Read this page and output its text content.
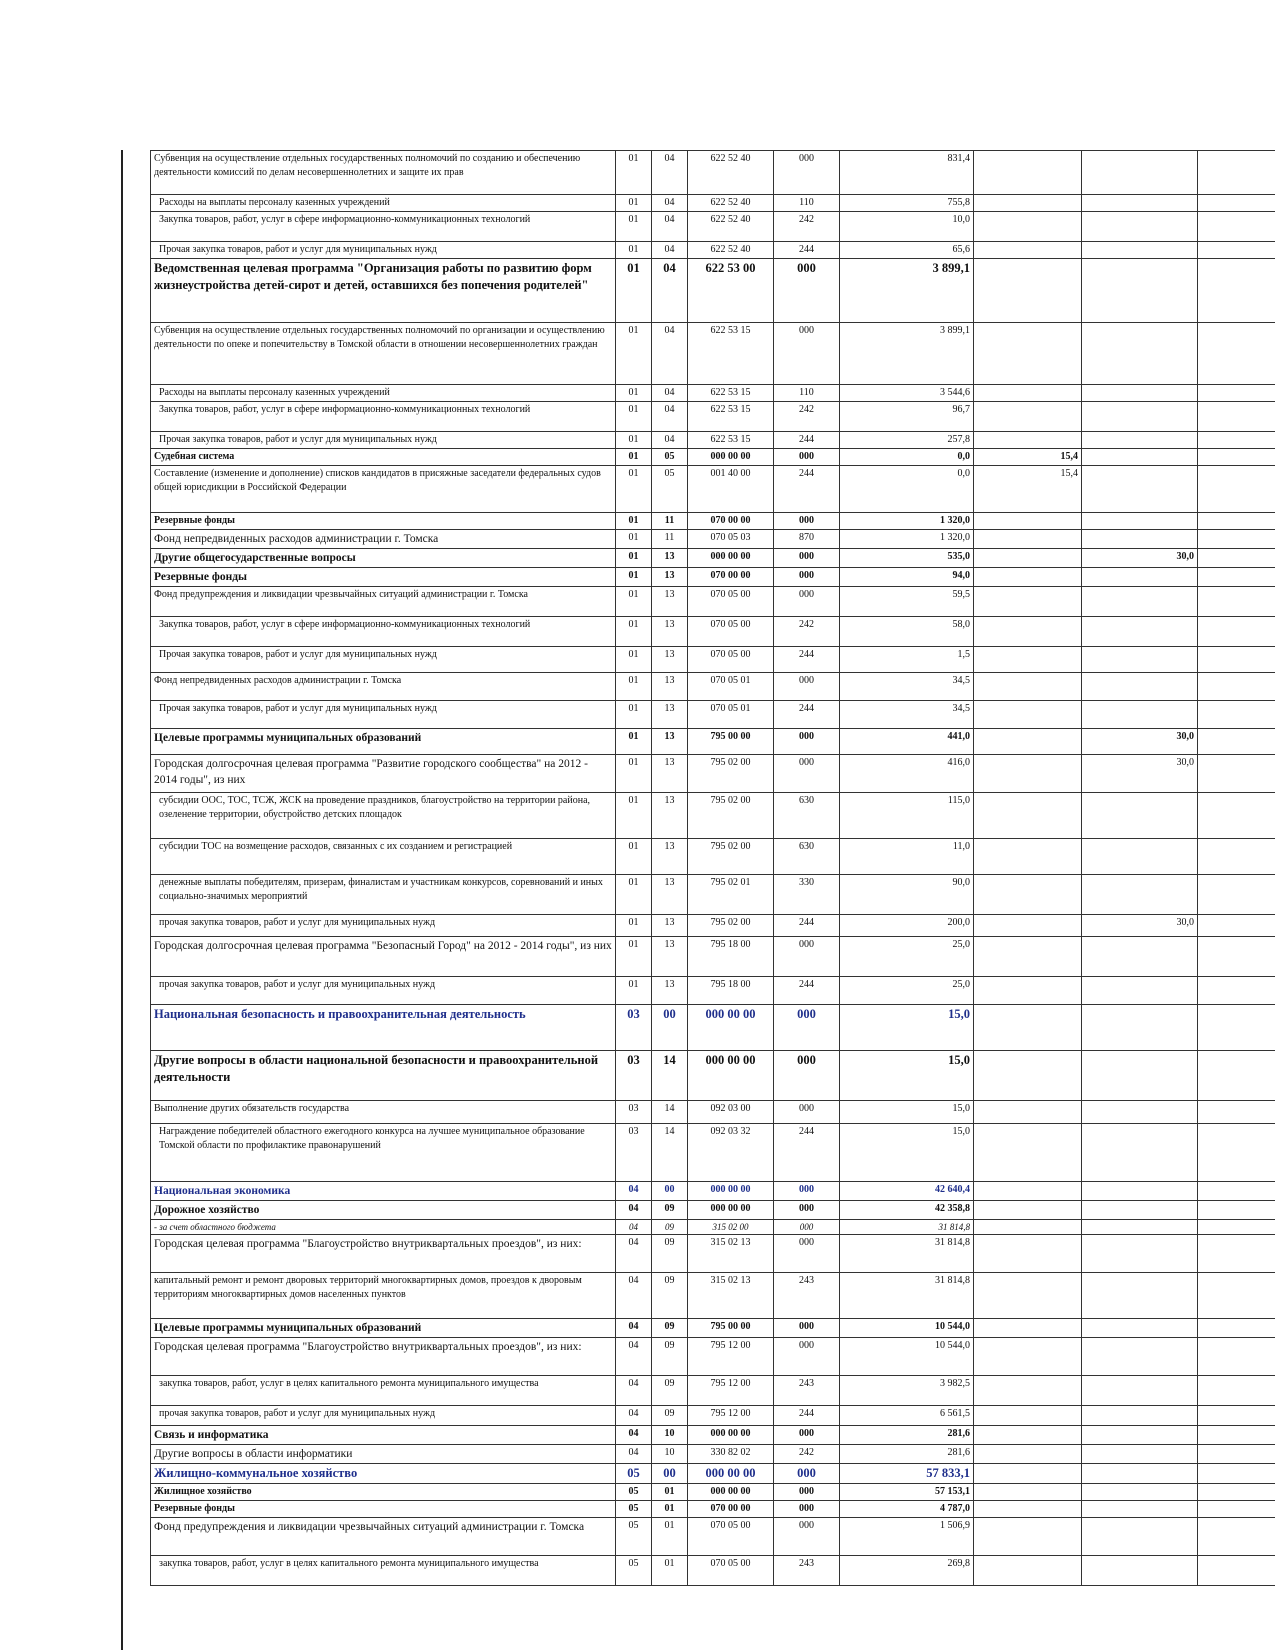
Субвенция на осуществление отдельных государственных полномочий по созданию и обеспечению деятельности комиссий по делам несовершеннолетних и защите их прав	01	04	622 52 40	000	831,4			
Расходы на выплаты персоналу казенных учреждений	01	04	622 52 40	110	755,8			
Закупка товаров, работ, услуг в сфере информационно-коммуникационных технологий	01	04	622 52 40	242	10,0			
Прочая закупка товаров, работ и услуг для муниципальных нужд	01	04	622 52 40	244	65,6			
Ведомственная целевая программа "Организация работы по развитию форм жизнеустройства детей-сирот и детей, оставшихся без попечения родителей"	01	04	622 53 00	000	3 899,1			
Субвенция на осуществление отдельных государственных полномочий по организации и осуществлению деятельности по опеке и попечительству в Томской области в отношении несовершеннолетних граждан	01	04	622 53 15	000	3 899,1			
Расходы на выплаты персоналу казенных учреждений	01	04	622 53 15	110	3 544,6			
Закупка товаров, работ, услуг в сфере информационно-коммуникационных технологий	01	04	622 53 15	242	96,7			
Прочая закупка товаров, работ и услуг для муниципальных нужд	01	04	622 53 15	244	257,8			
Судебная система	01	05	000 00 00	000	0,0	15,4		
Составление (изменение и дополнение) списков кандидатов в присяжные заседатели федеральных судов общей юрисдикции в Российской Федерации	01	05	001 40 00	244	0,0	15,4		
Резервные фонды	01	11	070 00 00	000	1 320,0			
Фонд непредвиденных расходов администрации г. Томска	01	11	070 05 03	870	1 320,0			
Другие общегосударственные вопросы	01	13	000 00 00	000	535,0		30,0	
Резервные фонды	01	13	070 00 00	000	94,0			
Фонд предупреждения и ликвидации чрезвычайных ситуаций администрации г. Томска	01	13	070 05 00	000	59,5			
Закупка товаров, работ, услуг в сфере информационно-коммуникационных технологий	01	13	070 05 00	242	58,0			
Прочая закупка товаров, работ и услуг для муниципальных нужд	01	13	070 05 00	244	1,5			
Фонд непредвиденных расходов администрации г. Томска	01	13	070 05 01	000	34,5			
Прочая закупка товаров, работ и услуг для муниципальных нужд	01	13	070 05 01	244	34,5			
Целевые программы муниципальных образований	01	13	795 00 00	000	441,0		30,0	
Городская долгосрочная целевая программа "Развитие городского сообщества" на 2012 - 2014 годы", из них	01	13	795 02 00	000	416,0		30,0	
субсидии ООС, ТОС, ТСЖ, ЖСК на проведение праздников, благоустройство на территории района, озеленение территории, обустройство детских площадок	01	13	795 02 00	630	115,0			
субсидии ТОС на возмещение расходов, связанных с их созданием и регистрацией	01	13	795 02 00	630	11,0			
денежные выплаты победителям, призерам, финалистам и участникам конкурсов, соревнований и иных социально-значимых мероприятий	01	13	795 02 01	330	90,0			
прочая закупка товаров, работ и услуг для муниципальных нужд	01	13	795 02 00	244	200,0		30,0	
Городская долгосрочная целевая программа "Безопасный Город" на 2012 - 2014 годы", из них	01	13	795 18 00	000	25,0			
прочая закупка товаров, работ и услуг для муниципальных нужд	01	13	795 18 00	244	25,0			
Национальная безопасность и правоохранительная деятельность	03	00	000 00 00	000	15,0			
Другие вопросы в области национальной безопасности и правоохранительной деятельности	03	14	000 00 00	000	15,0			
Выполнение других обязательств государства	03	14	092 03 00	000	15,0			
Награждение победителей областного ежегодного конкурса на лучшее муниципальное образование Томской области по профилактике правонарушений	03	14	092 03 32	244	15,0			
Национальная экономика	04	00	000 00 00	000	42 640,4			
Дорожное хозяйство	04	09	000 00 00	000	42 358,8			
- за счет областного бюджета	04	09	315 02 00	000	31 814,8			
Городская целевая программа "Благоустройство внутриквартальных проездов", из них:	04	09	315 02 13	000	31 814,8			
капитальный ремонт и ремонт дворовых территорий многоквартирных домов, проездов к дворовым территориям многоквартирных домов населенных пунктов	04	09	315 02 13	243	31 814,8			
Целевые программы муниципальных образований	04	09	795 00 00	000	10 544,0			
Городская целевая программа "Благоустройство внутриквартальных проездов", из них:	04	09	795 12 00	000	10 544,0			
закупка товаров, работ, услуг в целях капитального ремонта муниципального имущества	04	09	795 12 00	243	3 982,5			
прочая закупка товаров, работ и услуг для муниципальных нужд	04	09	795 12 00	244	6 561,5			
Связь и информатика	04	10	000 00 00	000	281,6			
Другие вопросы в области информатики	04	10	330 82 02	242	281,6			
Жилищно-коммунальное хозяйство	05	00	000 00 00	000	57 833,1			
Жилищное хозяйство	05	01	000 00 00	000	57 153,1			
Резервные фонды	05	01	070 00 00	000	4 787,0			
Фонд предупреждения и ликвидации чрезвычайных ситуаций администрации г. Томска	05	01	070 05 00	000	1 506,9			
закупка товаров, работ, услуг в целях капитального ремонта муниципального имущества	05	01	070 05 00	243	269,8			
